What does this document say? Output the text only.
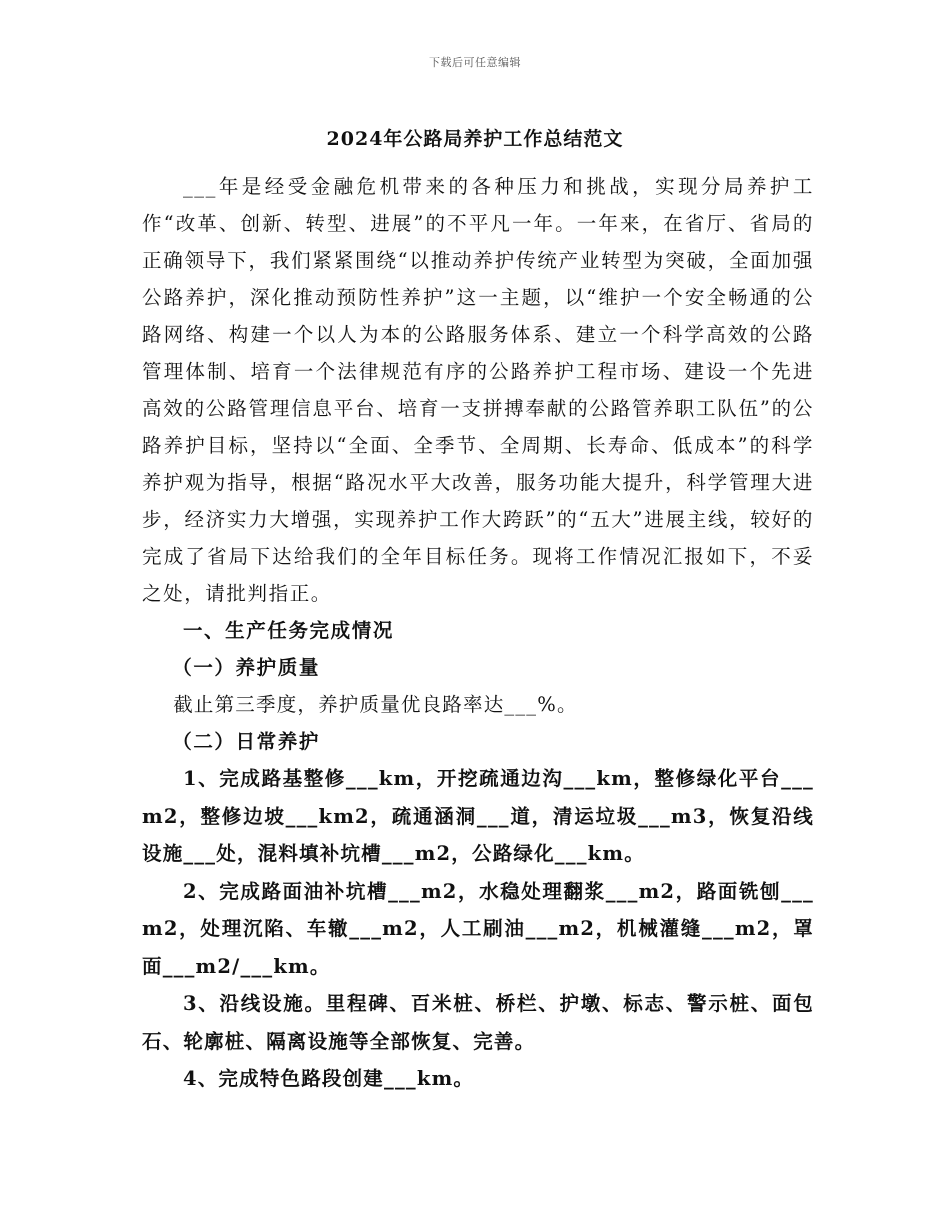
下载后可任意编辑
2024年公路局养护工作总结范文

___年是经受金融危机带来的各种压力和挑战，实现分局养护工作“改革、创新、转型、进展”的不平凡一年。一年来，在省厅、省局的正确领导下，我们紧紧围绕“以推动养护传统产业转型为突破，全面加强公路养护，深化推动预防性养护”这一主题，以“维护一个安全畅通的公路网络、构建一个以人为本的公路服务体系、建立一个科学高效的公路管理体制、培育一个法律规范有序的公路养护工程市场、建设一个先进高效的公路管理信息平台、培育一支拼搏奉献的公路管养职工队伍”的公路养护目标，坚持以“全面、全季节、全周期、长寿命、低成本”的科学养护观为指导，根据“路况水平大改善，服务功能大提升，科学管理大进步，经济实力大增强，实现养护工作大跨跃”的“五大”进展主线，较好的完成了省局下达给我们的全年目标任务。现将工作情况汇报如下，不妥之处，请批判指正。

一、生产任务完成情况

（一）养护质量

截止第三季度，养护质量优良路率达___%。

（二）日常养护

1、完成路基整修___km，开挖疏通边沟___km，整修绿化平台___m2，整修边坡___km2，疏通涵洞___道，清运垃圾___m3，恢复沿线设施___处，混料填补坑槽___m2，公路绿化___km。

2、完成路面油补坑槽___m2，水稳处理翻浆___m2，路面铣刨___m2，处理沉陷、车辙___m2，人工刷油___m2，机械灌缝___m2，罩面___m2/___km。

3、沿线设施。里程碑、百米桩、桥栏、护墩、标志、警示桩、面包石、轮廓桩、隔离设施等全部恢复、完善。

4、完成特色路段创建___km。
